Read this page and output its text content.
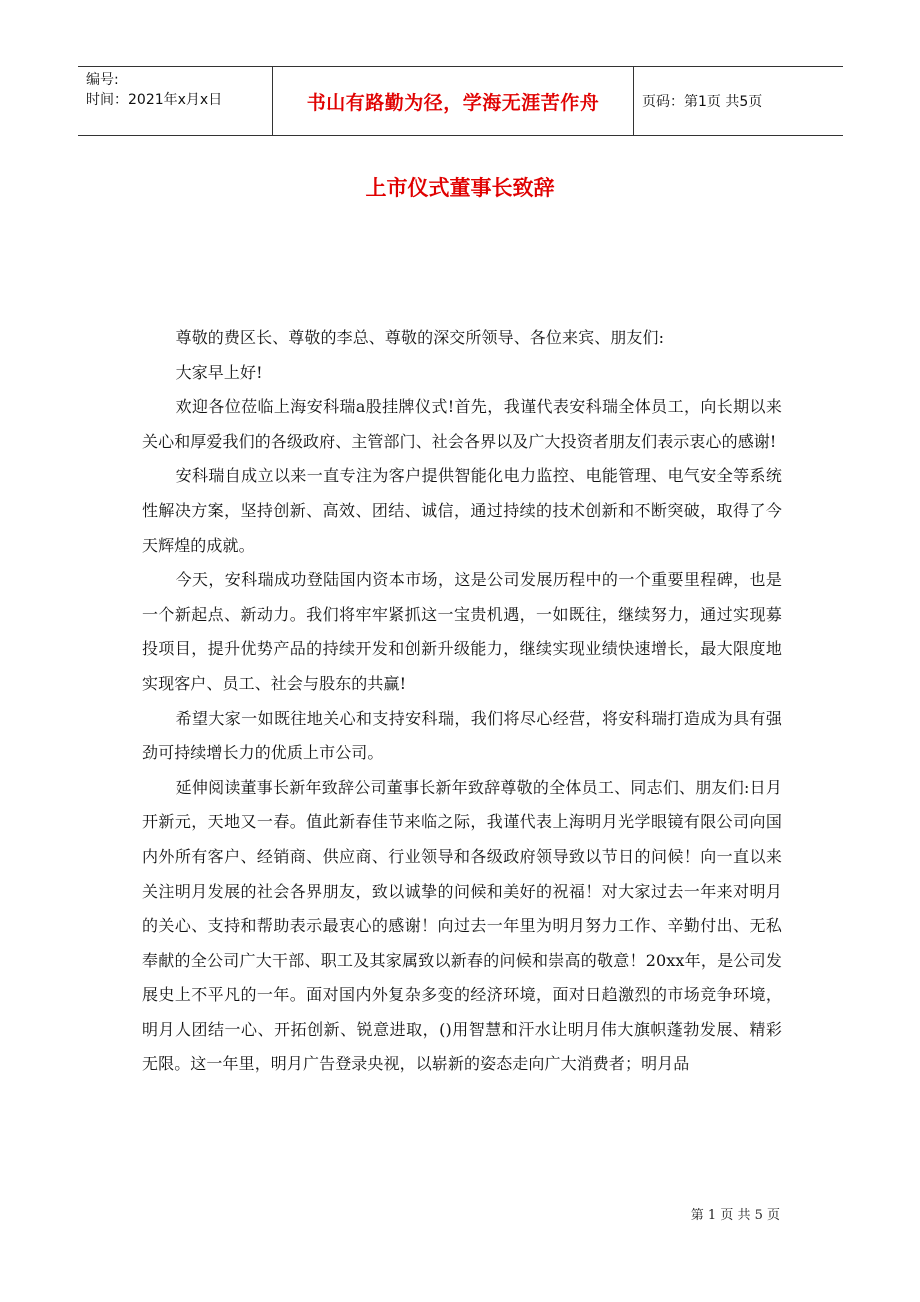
编号:
时间：2021年x月x日	书山有路勤为径，学海无涯苦作舟	页码：第1页 共5页
上市仪式董事长致辞

尊敬的费区长、尊敬的李总、尊敬的深交所领导、各位来宾、朋友们:

大家早上好!

欢迎各位莅临上海安科瑞a股挂牌仪式!首先，我谨代表安科瑞全体员工，向长期以来关心和厚爱我们的各级政府、主管部门、社会各界以及广大投资者朋友们表示衷心的感谢!

安科瑞自成立以来一直专注为客户提供智能化电力监控、电能管理、电气安全等系统性解决方案，坚持创新、高效、团结、诚信，通过持续的技术创新和不断突破，取得了今天辉煌的成就。

今天，安科瑞成功登陆国内资本市场，这是公司发展历程中的一个重要里程碑，也是一个新起点、新动力。我们将牢牢紧抓这一宝贵机遇，一如既往，继续努力，通过实现募投项目，提升优势产品的持续开发和创新升级能力，继续实现业绩快速增长，最大限度地实现客户、员工、社会与股东的共赢!

希望大家一如既往地关心和支持安科瑞，我们将尽心经营，将安科瑞打造成为具有强劲可持续增长力的优质上市公司。

延伸阅读董事长新年致辞公司董事长新年致辞尊敬的全体员工、同志们、朋友们:日月开新元，天地又一春。值此新春佳节来临之际，我谨代表上海明月光学眼镜有限公司向国内外所有客户、经销商、供应商、行业领导和各级政府领导致以节日的问候！向一直以来关注明月发展的社会各界朋友，致以诚挚的问候和美好的祝福！对大家过去一年来对明月的关心、支持和帮助表示最衷心的感谢！向过去一年里为明月努力工作、辛勤付出、无私奉献的全公司广大干部、职工及其家属致以新春的问候和崇高的敬意！20xx年，是公司发展史上不平凡的一年。面对国内外复杂多变的经济环境，面对日趋激烈的市场竞争环境，明月人团结一心、开拓创新、锐意进取，()用智慧和汗水让明月伟大旗帜蓬勃发展、精彩无限。这一年里，明月广告登录央视，以崭新的姿态走向广大消费者；明月品

第 1 页 共 5 页
